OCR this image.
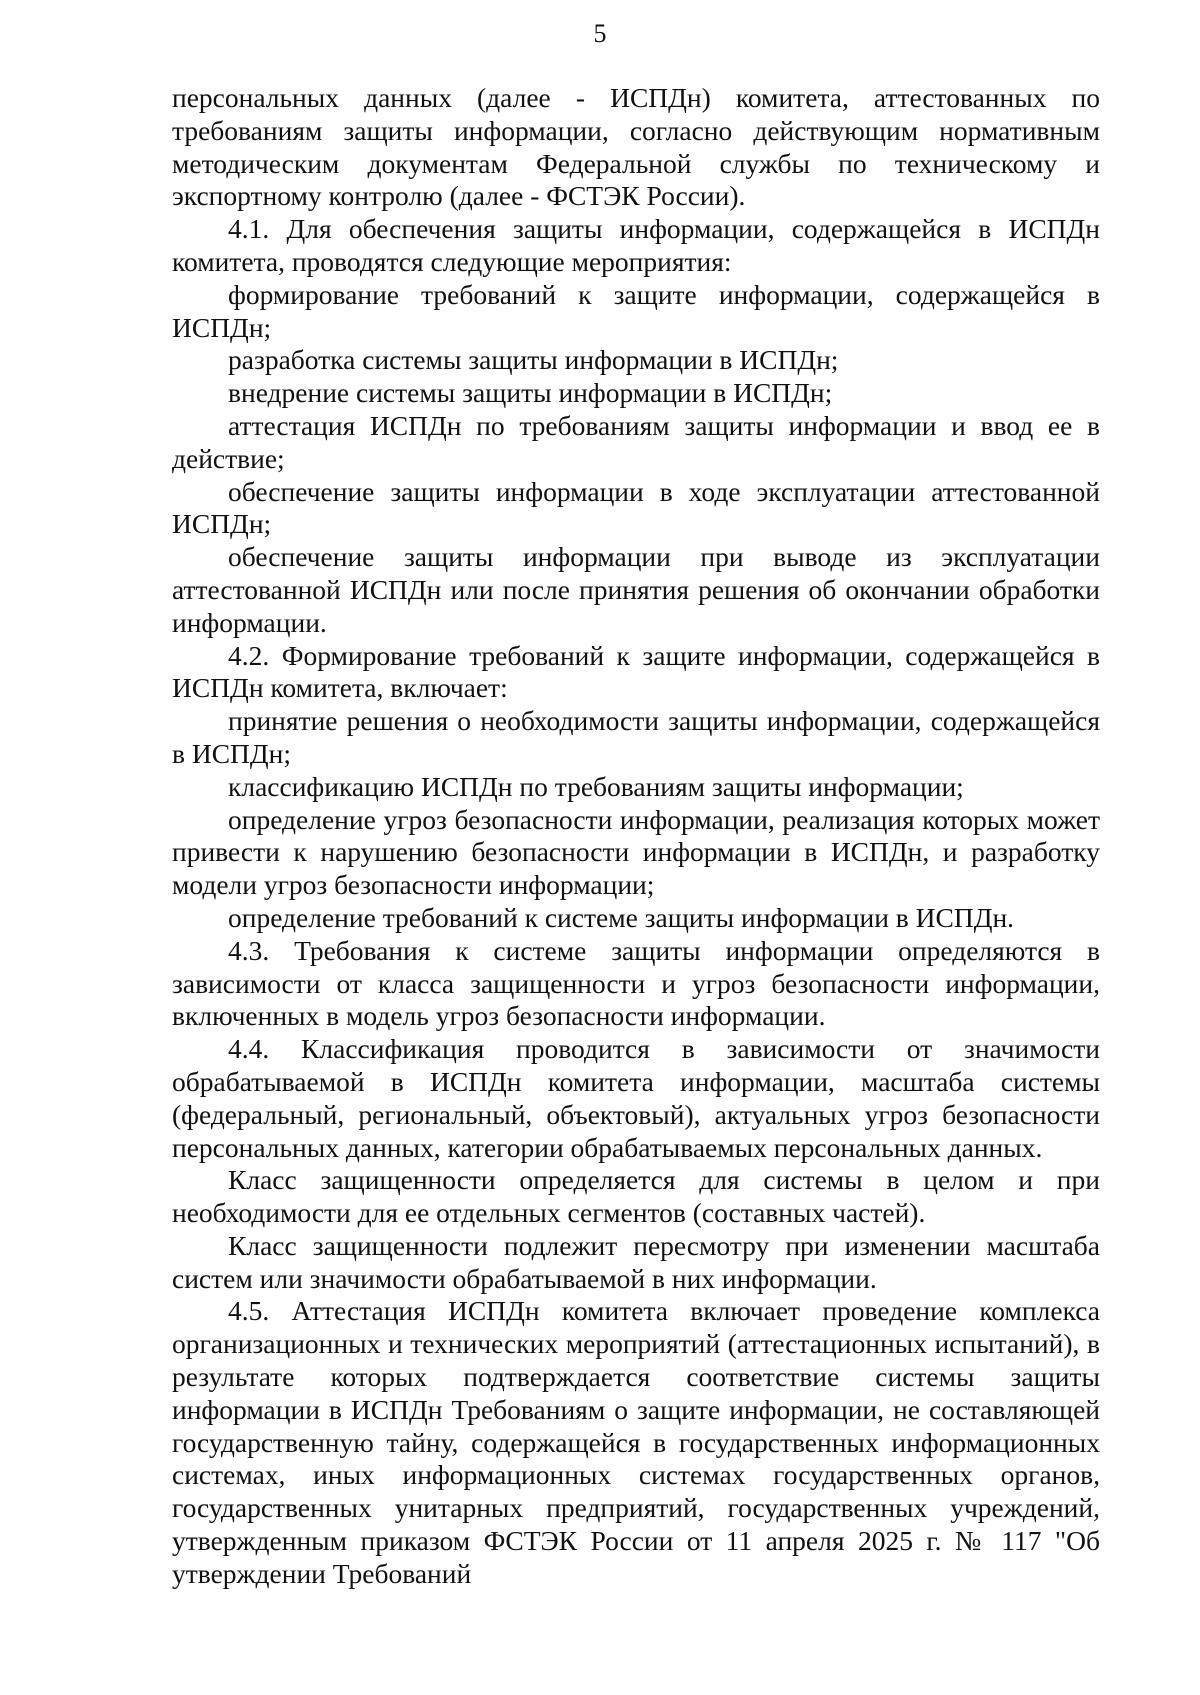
5

персональных данных (далее - ИСПДн) комитета, аттестованных по требованиям защиты информации, согласно действующим нормативным методическим документам Федеральной службы по техническому и экспортному контролю (далее - ФСТЭК России).

4.1. Для обеспечения защиты информации, содержащейся в ИСПДн комитета, проводятся следующие мероприятия:

формирование требований к защите информации, содержащейся в ИСПДн;

разработка системы защиты информации в ИСПДн;

внедрение системы защиты информации в ИСПДн;

аттестация ИСПДн по требованиям защиты информации и ввод ее в действие;

обеспечение защиты информации в ходе эксплуатации аттестованной ИСПДн;

обеспечение защиты информации при выводе из эксплуатации аттестованной ИСПДн или после принятия решения об окончании обработки информации.

4.2. Формирование требований к защите информации, содержащейся в ИСПДн комитета, включает:

принятие решения о необходимости защиты информации, содержащейся в ИСПДн;

классификацию ИСПДн по требованиям защиты информации;

определение угроз безопасности информации, реализация которых может привести к нарушению безопасности информации в ИСПДн, и разработку модели угроз безопасности информации;

определение требований к системе защиты информации в ИСПДн.

4.3. Требования к системе защиты информации определяются в зависимости от класса защищенности и угроз безопасности информации, включенных в модель угроз безопасности информации.

4.4. Классификация проводится в зависимости от значимости обрабатываемой в ИСПДн комитета информации, масштаба системы (федеральный, региональный, объектовый), актуальных угроз безопасности персональных данных, категории обрабатываемых персональных данных.

Класс защищенности определяется для системы в целом и при необходимости для ее отдельных сегментов (составных частей).

Класс защищенности подлежит пересмотру при изменении масштаба систем или значимости обрабатываемой в них информации.

4.5. Аттестация ИСПДн комитета включает проведение комплекса организационных и технических мероприятий (аттестационных испытаний), в результате которых подтверждается соответствие системы защиты информации в ИСПДн Требованиям о защите информации, не составляющей государственную тайну, содержащейся в государственных информационных системах, иных информационных системах государственных органов, государственных унитарных предприятий, государственных учреждений, утвержденным приказом ФСТЭК России от 11 апреля 2025 г. № 117 "Об утверждении Требований
